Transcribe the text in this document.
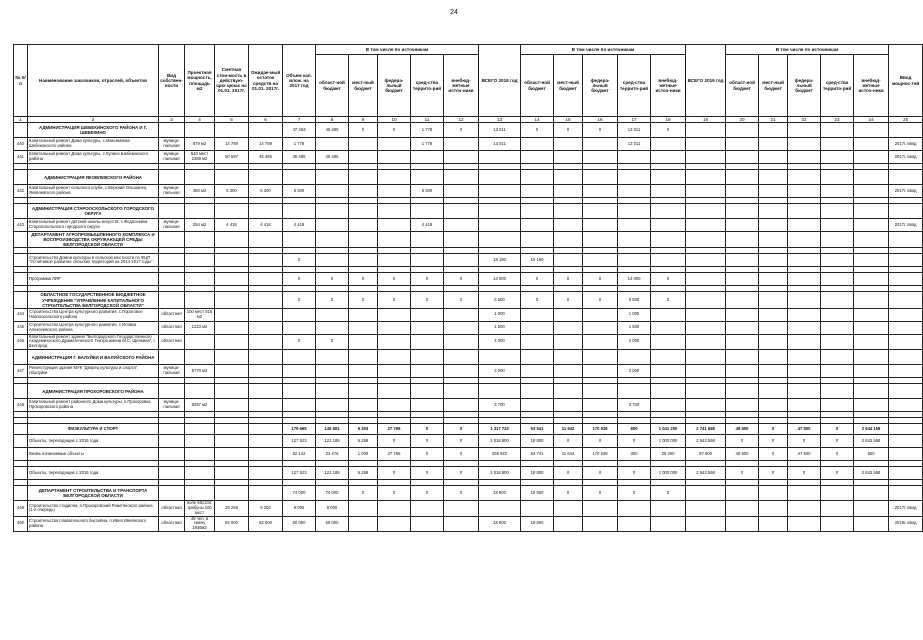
24
№ п/п	Наименование заказчиков, отраслей, объектов	Вид собствен-ности	Проектная мощность, площадь м2	Сметная стои-мость в действую-щих ценах на 01.01. 2017г.	Ожидае-мый остаток средств на 01.01. 2017г.	Объем кап. влож. на 2017 год	В том числе по источникам					ВСЕГО 2018 год	В том числе по источникам					ВСЕГО 2019 год	В том числе по источникам					Ввод мощнос-тей
							област-ной бюджет	мест-ный бюджет	федера-льный бюджет	сред-ства террито-рий	внебюд-жетные источ-ники		област-ной бюджет	мест-ный бюджет	федера-льный бюджет	сред-ства террито-рий	внебюд-жетные источ-ники		област-ной бюджет	мест-ный бюджет	федера-льный бюджет	сред-ства террито-рий	внебюд-жетные источ-ники	
1	2	3	4	5	6	7	8	9	10	11	12	13	14	15	16	17	18	19	20	21	22	23	24	25
	АДМИНИСТРАЦИЯ ШЕБЕКИНСКОГО РАЙОНА И Г. ШЕБЕКИНО					47 263	45 485	0	0	1 778	0	13 011	0	0	0	13 011	0							
440	Капитальный ремонт Дома культуры, с.Максимовка Шебекинского района	муници-пальная	879 м2	14 789	14 789	1 778				1 778		13 011				13 011								2017г. ввод
441	Капитальный ремонт Дома культуры, с.Купино Шебекинского района	муници-пальная	640 мест 2359 м2	50 597	45 485	45 485	45 485																	2017г. ввод

	АДМИНИСТРАЦИЯ ЯКОВЛЕВСКОГО РАЙОНА																							
442	Капитальный ремонт сельского клуба, с.Верхний Ольшанец Яковлевского района	муници-пальная	450 м2	6 300	6 300	6 300				6 300														2017г. ввод

	АДМИНИСТРАЦИЯ СТАРООСКОЛЬСКОГО ГОРОДСКОГО ОКРУГА																							
443	Капитальный ремонт детской школы искусств, с.Федосеевка Старооскольского городского округа	муници-пальная	294 м2	4 418	4 418	4 418				4 418														2017г. ввод
	ДЕПАРТАМЕНТ АГРОПРОМЫШЛЕННОГО КОМПЛЕКСА И ВОСПРОИЗВОДСТВА ОКРУЖАЮЩЕЙ СРЕДЫ БЕЛГОРОДСКОЙ ОБЛАСТИ																							

	Строительство Домов культуры в сельской местности по ФЦП "Устойчивое развитие сельских территорий на 2014-2017 годы"					0						18 190	18 190											

	Программа ЛИР					0	0	0	0	0	0	14 000	0	0	0	14 000	0							

	ОБЛАСТНОЕ ГОСУДАРСТВЕННОЕ БЮДЖЕТНОЕ УЧРЕЖДЕНИЕ "УПРАВЛЕНИЕ КАПИТАЛЬНОГО СТРОИТЕЛЬСТВА БЕЛГОРОДСКОЙ ОБЛАСТИ"					0	0	0	0	0	0	6 500	0	0	0	6 500	0							
444	Строительство Центра культурного развития, с.Пороговое Новооскольского района	областная	100 мест 816 м2									1 000				1 000								
445	Строительство Центра культурного развития, с.Иловка Алексеевского района	областная	1223 м2									1 500				1 500								
446	Капитальный ремонт здания "Белгородского Государственного Академического Драматического Театра имени М.С. Щепкина", г. Белгород	областная				0	0					4 000				4 000								
	АДМИНИСТРАЦИЯ Г. ВАЛУЙКИ И ВАЛУЙСКОГО РАЙОНА																							
447	Реконструкция здания МУК "Дворец культуры и спорта", г.Валуйки	муници-пальная	5770 м2									3 000				3 000								

	АДМИНИСТРАЦИЯ ПРОХОРОВСКОГО РАЙОНА																							
448	Капитальный ремонт районного Дома культуры, п.Прохоровка Прохоровского района	муници-пальная	8297 м2									3 700				3 700								

	ФИЗКУЛЬТУРА И СПОРТ					179 665	145 591	6 353	27 766	0	0	1 317 722	93 541	11 642	170 538	800	1 041 200	2 741 658	49 500	0	47 500	0	2 644 158	
	Объекты, переходящие с 2016 года					127 523	122 185	5 259	0	0	0	1 018 800	18 800	0	0	0	1 000 000	2 643 558	0	0	0	0	2 643 558	
	Вновь начинаемые объекты					52 142	23 476	1 000	27 766	0	0	298 922	52 741	11 642	170 538	300	29 200	97 500	49 500	0	47 500	0	500	

	Объекты, переходящие с 2016 года					127 523	122 185	5 259	0	0	0	1 018 800	18 800	0	0	0	1 000 000	2 643 558	0	0	0	0	2 643 558	

	ДЕПАРТАМЕНТ СТРОИТЕЛЬСТВА И ТРАНСПОРТА БЕЛГОРОДСКОЙ ОБЛАСТИ					74 000	74 000	0	0	0	0	18 800	18 800	0	0	0	0							
449	Строительство стадиона, п.Прохоровский Ракитянского района (1-я очередь)	областная	поле 68х104, трибуны 100 мест	29 258	9 304	9 000	9 000																	2017г. ввод
450	Строительство плавательного бассейна, п.Ивня Ивнянского района	областная	48 чел. в смену 1936м2	84 000	62 000	60 000	60 000					18 800	18 800											2018г. ввод
